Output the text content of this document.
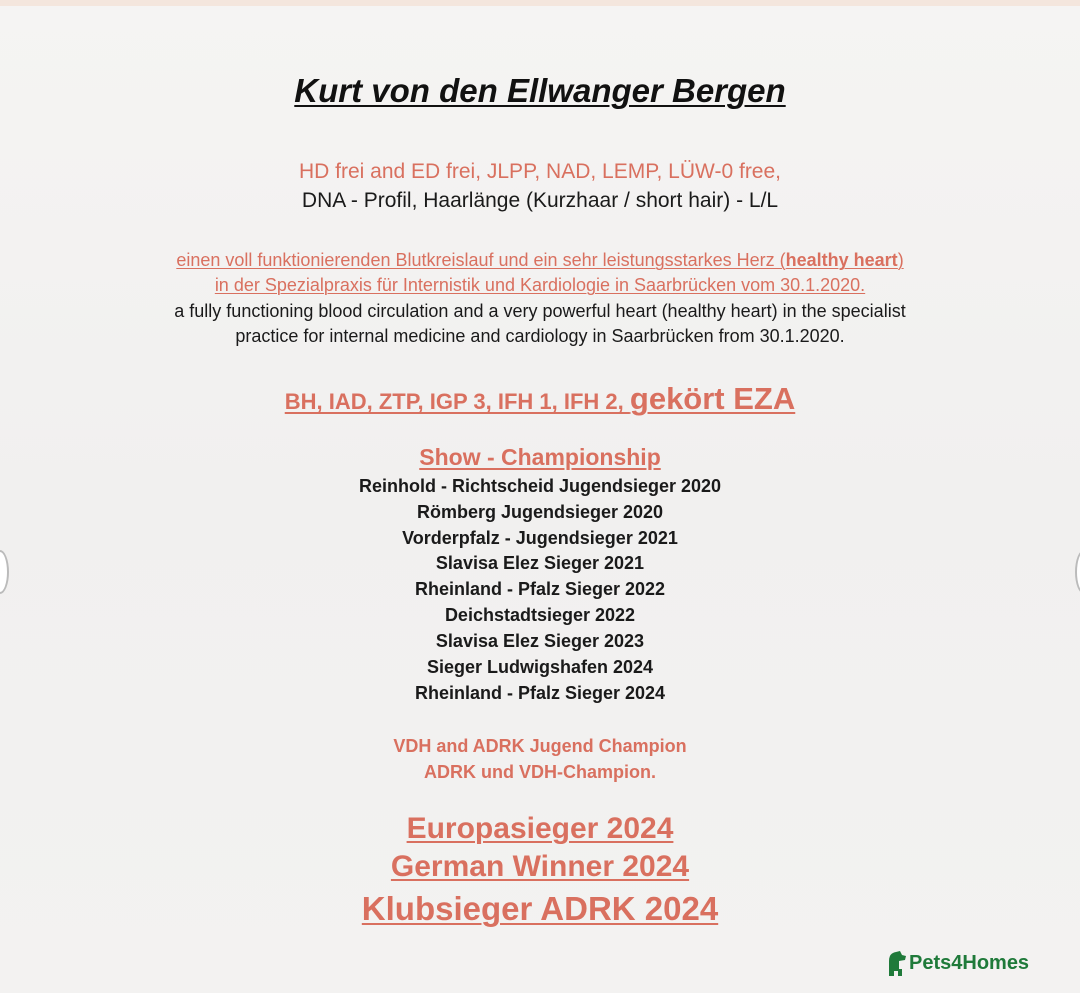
Kurt von den Ellwanger Bergen
HD frei and ED frei, JLPP, NAD, LEMP, LÜW-0 free,
DNA - Profil, Haarlänge (Kurzhaar / short hair) - L/L
einen voll funktionierenden Blutkreislauf und ein sehr leistungsstarkes Herz (healthy heart)
in der Spezialpraxis für Internistik und Kardiologie in Saarbrücken vom 30.1.2020.
a fully functioning blood circulation and a very powerful heart (healthy heart) in the specialist
practice for internal medicine and cardiology in Saarbrücken from 30.1.2020.
BH, IAD, ZTP, IGP 3, IFH 1, IFH 2, gekört EZA
Show - Championship
Reinhold - Richtscheid Jugendsieger 2020
Römberg Jugendsieger 2020
Vorderpfalz - Jugendsieger 2021
Slavisa Elez Sieger 2021
Rheinland - Pfalz Sieger 2022
Deichstadtsieger 2022
Slavisa Elez Sieger 2023
Sieger Ludwigshafen 2024
Rheinland - Pfalz Sieger 2024
VDH and ADRK Jugend Champion
ADRK und VDH-Champion.
Europasieger 2024
German Winner 2024
Klubsieger ADRK 2024
Pets4Homes
